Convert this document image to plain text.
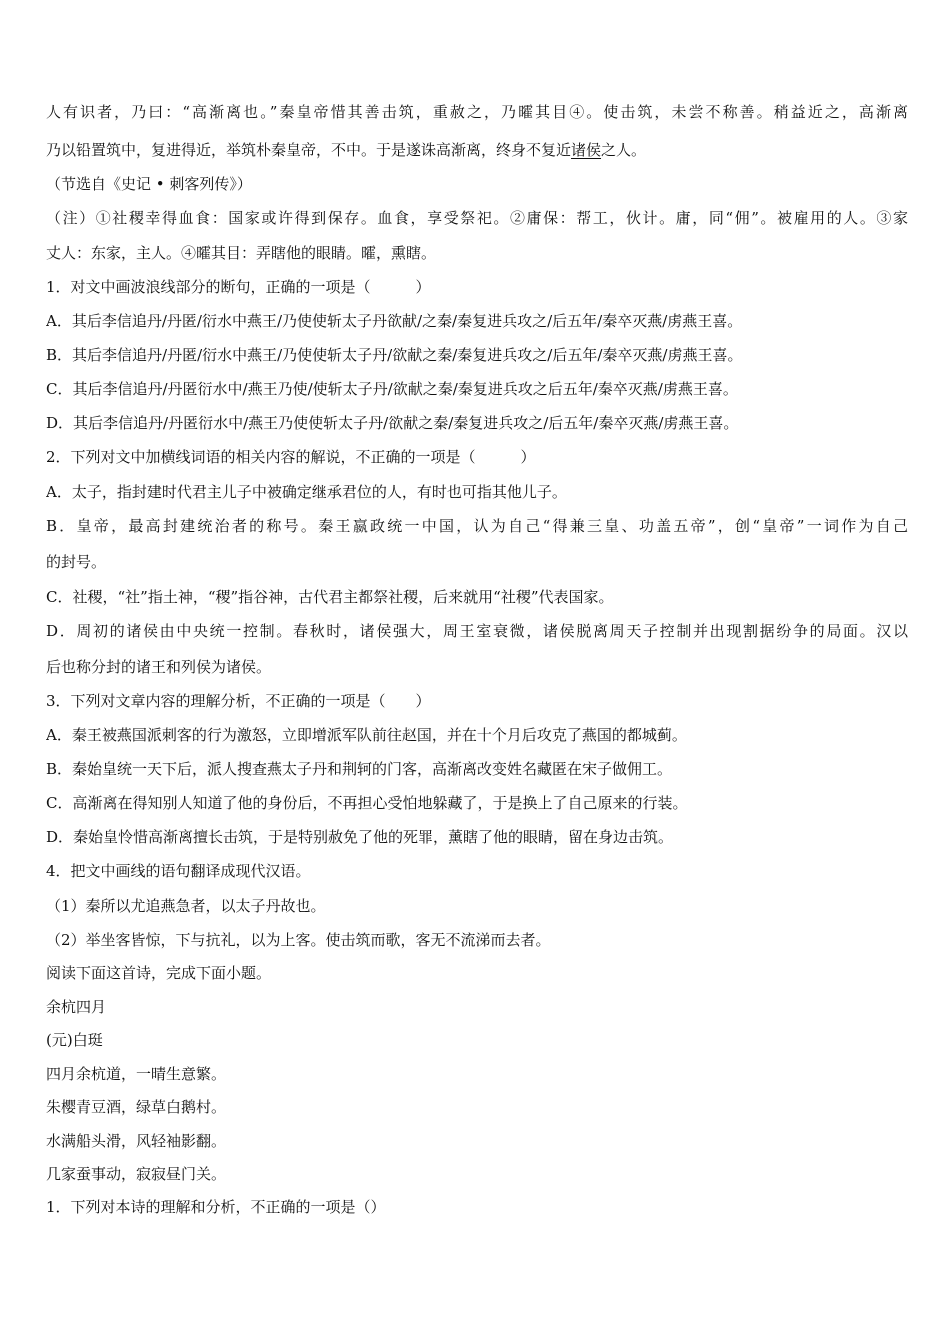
人有识者，乃曰：“高渐离也。”秦皇帝惜其善击筑，重赦之，乃曤其目④。使击筑，未尝不称善。稍益近之，高渐离
乃以铅置筑中，复进得近，举筑朴秦皇帝，不中。于是遂诛高渐离，终身不复近诸侯之人。
（节选自《史记 • 刺客列传》）
（注）①社稷幸得血食：国家或许得到保存。血食，享受祭祀。②庸保：帮工，伙计。庸，同“佣”。被雇用的人。③家
丈人：东家，主人。④曤其目：弄瞎他的眼睛。曤，熏瞎。
1．对文中画波浪线部分的断句，正确的一项是（　　　）
A．其后李信追丹/丹匿/衍水中燕王/乃使使斩太子丹欲献/之秦/秦复进兵攻之/后五年/秦卒灭燕/虏燕王喜。
B．其后李信追丹/丹匿/衍水中燕王/乃使使斩太子丹/欲献之秦/秦复进兵攻之/后五年/秦卒灭燕/虏燕王喜。
C．其后李信追丹/丹匿衍水中/燕王乃使/使斩太子丹/欲献之秦/秦复进兵攻之后五年/秦卒灭燕/虏燕王喜。
D．其后李信追丹/丹匿衍水中/燕王乃使使斩太子丹/欲献之秦/秦复进兵攻之/后五年/秦卒灭燕/虏燕王喜。
2．下列对文中加横线词语的相关内容的解说，不正确的一项是（　　　）
A．太子，指封建时代君主儿子中被确定继承君位的人，有时也可指其他儿子。
B．皇帝，最高封建统治者的称号。秦王嬴政统一中国，认为自己“得兼三皇、功盖五帝”，创“皇帝”一词作为自己
的封号。
C．社稷，“社”指土神，“稷”指谷神，古代君主都祭社稷，后来就用“社稷”代表国家。
D．周初的诸侯由中央统一控制。春秋时，诸侯强大，周王室衰微，诸侯脱离周天子控制并出现割据纷争的局面。汉以
后也称分封的诸王和列侯为诸侯。
3．下列对文章内容的理解分析，不正确的一项是（　　）
A．秦王被燕国派刺客的行为激怒，立即增派军队前往赵国，并在十个月后攻克了燕国的都城蓟。
B．秦始皇统一天下后，派人搜查燕太子丹和荆轲的门客，高渐离改变姓名藏匿在宋子做佣工。
C．高渐离在得知别人知道了他的身份后，不再担心受怕地躲藏了，于是换上了自己原来的行装。
D．秦始皇怜惜高渐离擅长击筑，于是特别赦免了他的死罪，薰瞎了他的眼睛，留在身边击筑。
4．把文中画线的语句翻译成现代汉语。
（1）秦所以尤追燕急者，以太子丹故也。
（2）举坐客皆惊，下与抗礼，以为上客。使击筑而歌，客无不流涕而去者。
阅读下面这首诗，完成下面小题。
余杭四月
(元)白珽
四月余杭道，一晴生意繁。
朱樱青豆酒，绿草白鹅村。
水满船头滑，风轻袖影翻。
几家蚕事动，寂寂昼门关。
1．下列对本诗的理解和分析，不正确的一项是（）
